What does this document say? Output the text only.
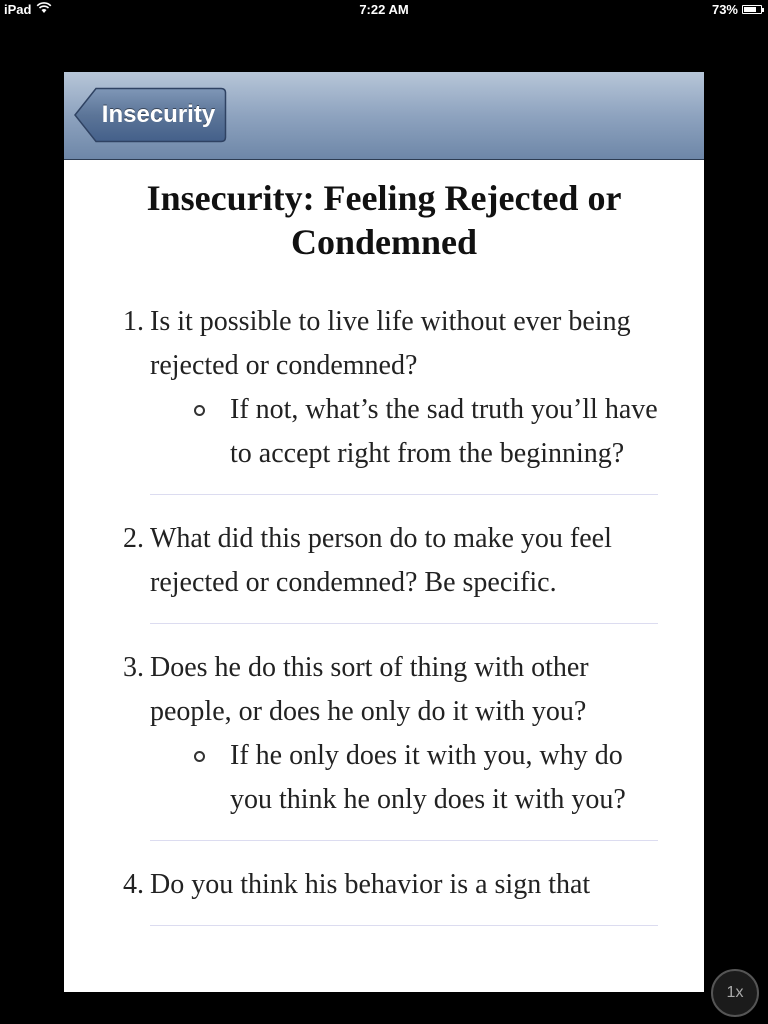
iPad	7:22 AM	73%
Insecurity
Insecurity: Feeling Rejected or Condemned
1. Is it possible to live life without ever being rejected or condemned?
If not, what’s the sad truth you’ll have to accept right from the beginning?
2. What did this person do to make you feel rejected or condemned? Be specific.
3. Does he do this sort of thing with other people, or does he only do it with you?
If he only does it with you, why do you think he only does it with you?
4. Do you think his behavior is a sign that
1x
